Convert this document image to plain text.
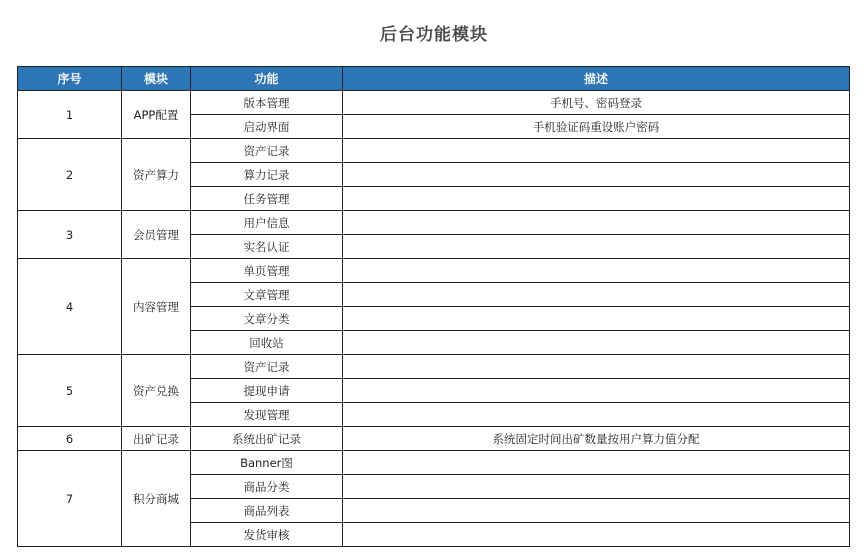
后台功能模块
序号	模块	功能	描述
1	APP配置	版本管理	手机号、密码登录
		启动界面	手机验证码重设账户密码
2	资产算力	资产记录	
		算力记录	
		任务管理	
3	会员管理	用户信息	
		实名认证	
4	内容管理	单页管理	
		文章管理	
		文章分类	
		回收站	
5	资产兑换	资产记录	
		提现申请	
		发现管理	
6	出矿记录	系统出矿记录	系统固定时间出矿数量按用户算力值分配
7	积分商城	Banner图	
		商品分类	
		商品列表	
		发货审核	
